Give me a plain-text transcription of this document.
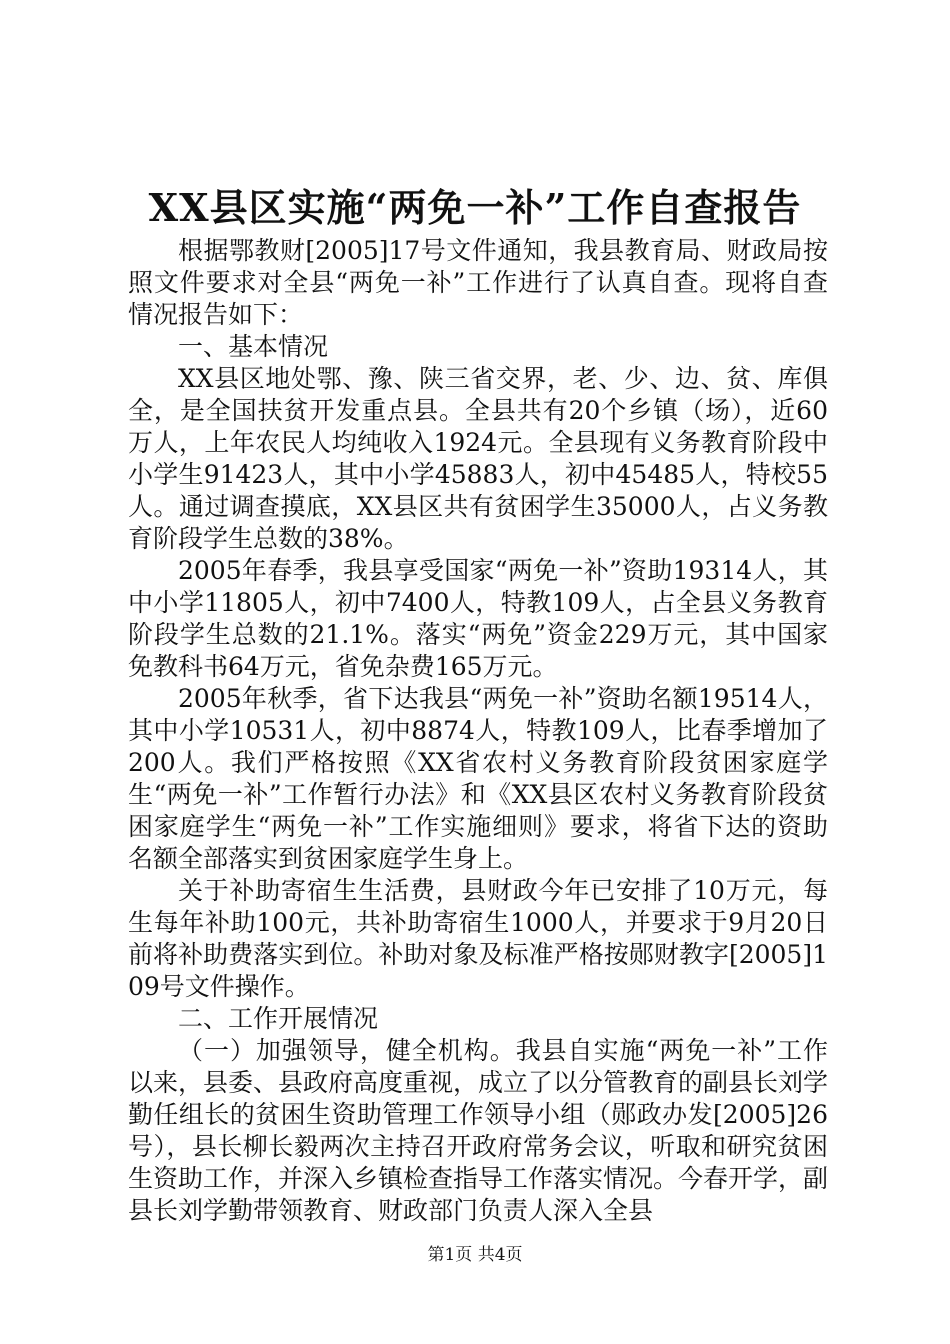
XX县区实施“两免一补”工作自查报告

根据鄂教财[2005]17号文件通知，我县教育局、财政局按照文件要求对全县“两免一补”工作进行了认真自查。现将自查情况报告如下：

一、基本情况

XX县区地处鄂、豫、陕三省交界，老、少、边、贫、库俱全，是全国扶贫开发重点县。全县共有20个乡镇（场），近60万人，上年农民人均纯收入1924元。全县现有义务教育阶段中小学生91423人，其中小学45883人，初中45485人，特校55人。通过调查摸底，XX县区共有贫困学生35000人，占义务教育阶段学生总数的38%。

2005年春季，我县享受国家“两免一补”资助19314人，其中小学11805人，初中7400人，特教109人，占全县义务教育阶段学生总数的21.1%。落实“两免”资金229万元，其中国家免教科书64万元，省免杂费165万元。

2005年秋季，省下达我县“两免一补”资助名额19514人，其中小学10531人，初中8874人，特教109人，比春季增加了200人。我们严格按照《XX省农村义务教育阶段贫困家庭学生“两免一补”工作暂行办法》和《XX县区农村义务教育阶段贫困家庭学生“两免一补”工作实施细则》要求，将省下达的资助名额全部落实到贫困家庭学生身上。

关于补助寄宿生生活费，县财政今年已安排了10万元，每生每年补助100元，共补助寄宿生1000人，并要求于9月20日前将补助费落实到位。补助对象及标准严格按郧财教字[2005]109号文件操作。

二、工作开展情况

（一）加强领导，健全机构。我县自实施“两免一补”工作以来，县委、县政府高度重视，成立了以分管教育的副县长刘学勤任组长的贫困生资助管理工作领导小组（郧政办发[2005]26号），县长柳长毅两次主持召开政府常务会议，听取和研究贫困生资助工作，并深入乡镇检查指导工作落实情况。今春开学，副县长刘学勤带领教育、财政部门负责人深入全县

第1页 共4页
